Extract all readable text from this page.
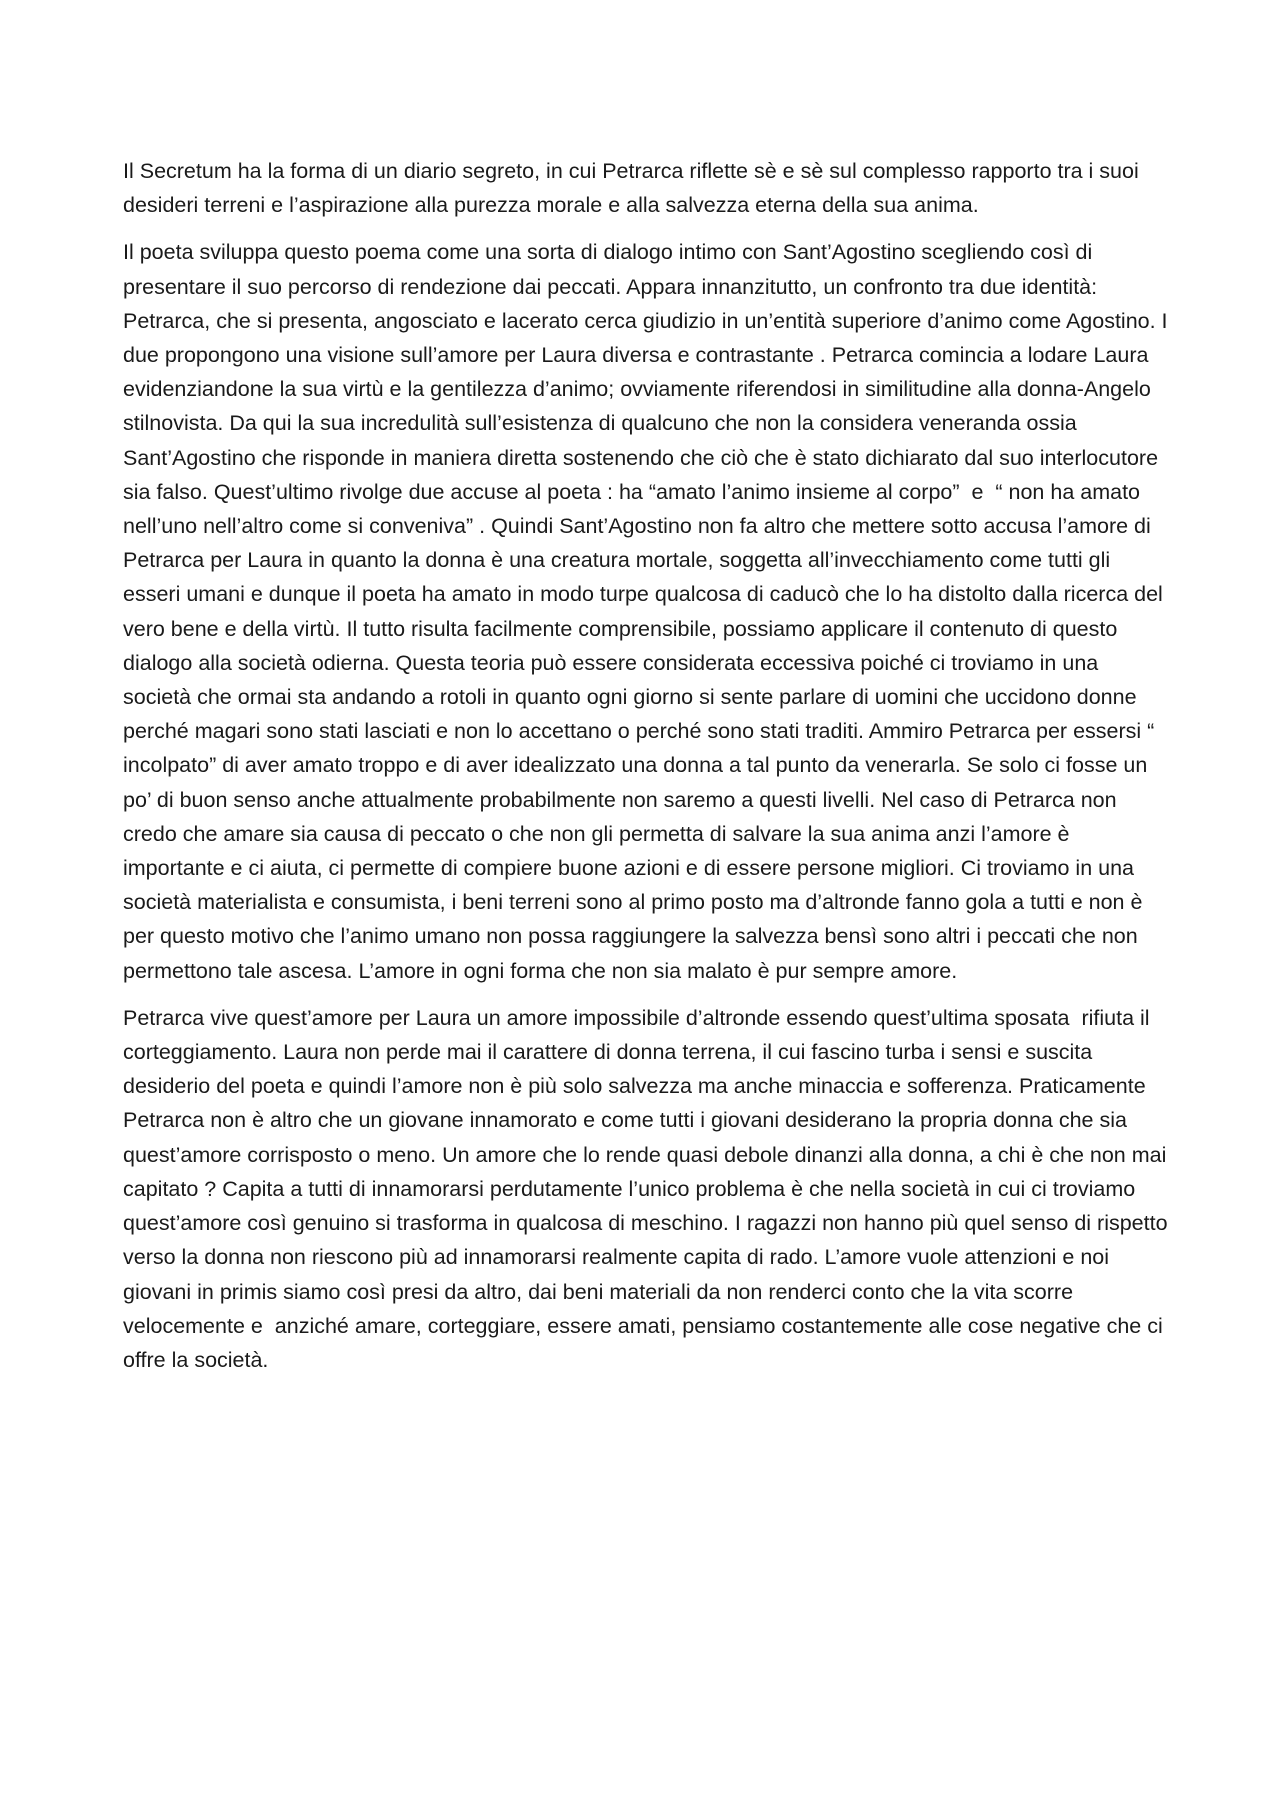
Il Secretum ha la forma di un diario segreto, in cui Petrarca riflette sè e sè sul complesso rapporto tra i suoi desideri terreni e l’aspirazione alla purezza morale e alla salvezza eterna della sua anima.

Il poeta sviluppa questo poema come una sorta di dialogo intimo con Sant’Agostino scegliendo così di presentare il suo percorso di rendezione dai peccati. Appara innanzitutto, un confronto tra due identità: Petrarca, che si presenta, angosciato e lacerato cerca giudizio in un’entità superiore d’animo come Agostino. I due propongono una visione sull’amore per Laura diversa e contrastante . Petrarca comincia a lodare Laura evidenziandone la sua virtù e la gentilezza d’animo; ovviamente riferendosi in similitudine alla donna-Angelo stilnovista. Da qui la sua incredulità sull’esistenza di qualcuno che non la considera veneranda ossia Sant’Agostino che risponde in maniera diretta sostenendo che ciò che è stato dichiarato dal suo interlocutore sia falso. Quest’ultimo rivolge due accuse al poeta : ha “amato l’animo insieme al corpo”  e  “ non ha amato nell’uno nell’altro come si conveniva” . Quindi Sant’Agostino non fa altro che mettere sotto accusa l’amore di Petrarca per Laura in quanto la donna è una creatura mortale, soggetta all’invecchiamento come tutti gli esseri umani e dunque il poeta ha amato in modo turpe qualcosa di caducò che lo ha distolto dalla ricerca del vero bene e della virtù. Il tutto risulta facilmente comprensibile, possiamo applicare il contenuto di questo dialogo alla società odierna. Questa teoria può essere considerata eccessiva poiché ci troviamo in una società che ormai sta andando a rotoli in quanto ogni giorno si sente parlare di uomini che uccidono donne perché magari sono stati lasciati e non lo accettano o perché sono stati traditi. Ammiro Petrarca per essersi “ incolpato” di aver amato troppo e di aver idealizzato una donna a tal punto da venerarla. Se solo ci fosse un po’ di buon senso anche attualmente probabilmente non saremo a questi livelli. Nel caso di Petrarca non credo che amare sia causa di peccato o che non gli permetta di salvare la sua anima anzi l’amore è importante e ci aiuta, ci permette di compiere buone azioni e di essere persone migliori. Ci troviamo in una società materialista e consumista, i beni terreni sono al primo posto ma d’altronde fanno gola a tutti e non è per questo motivo che l’animo umano non possa raggiungere la salvezza bensì sono altri i peccati che non permettono tale ascesa. L’amore in ogni forma che non sia malato è pur sempre amore.

Petrarca vive quest’amore per Laura un amore impossibile d’altronde essendo quest’ultima sposata  rifiuta il corteggiamento. Laura non perde mai il carattere di donna terrena, il cui fascino turba i sensi e suscita desiderio del poeta e quindi l’amore non è più solo salvezza ma anche minaccia e sofferenza. Praticamente Petrarca non è altro che un giovane innamorato e come tutti i giovani desiderano la propria donna che sia quest’amore corrisposto o meno. Un amore che lo rende quasi debole dinanzi alla donna, a chi è che non mai capitato ? Capita a tutti di innamorarsi perdutamente l’unico problema è che nella società in cui ci troviamo quest’amore così genuino si trasforma in qualcosa di meschino. I ragazzi non hanno più quel senso di rispetto verso la donna non riescono più ad innamorarsi realmente capita di rado. L’amore vuole attenzioni e noi giovani in primis siamo così presi da altro, dai beni materiali da non renderci conto che la vita scorre velocemente e  anziché amare, corteggiare, essere amati, pensiamo costantemente alle cose negative che ci offre la società.
